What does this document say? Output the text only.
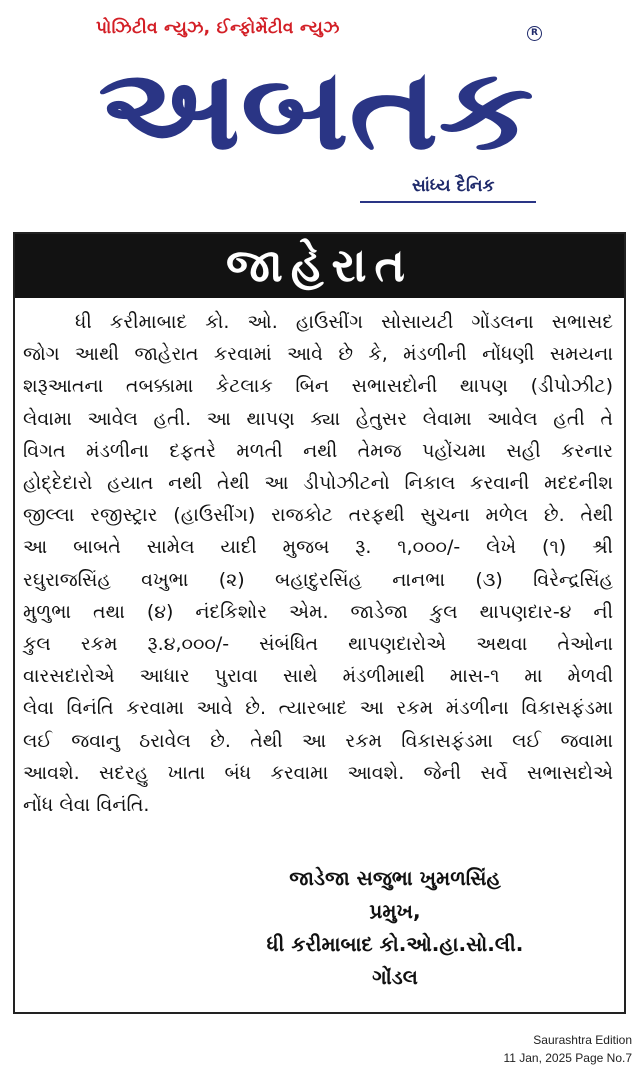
પોઝિટીવ ન્યુઝ, ઈન્ફોર્મેટીવ ન્યુઝ	R
અબતક
સાંધ્ય દૈનિક
જાહેરાત
ધી કરીમાબાદ કો. ઓ. હાઉસીંગ સોસાયટી ગોંડલના સભાસદ
જોગ આથી જાહેરાત કરવામાં આવે છે કે, મંડળીની નોંધણી સમયના
શરૂઆતના તબક્કામા કેટલાક બિન સભાસદોની થાપણ (ડીપોઝીટ)
લેવામા આવેલ હતી. આ થાપણ ક્યા હેતુસર લેવામા આવેલ હતી તે
વિગત મંડળીના દફતરે મળતી નથી તેમજ પહોંચમા સહી કરનાર
હોદ્દેદારો હયાત નથી તેથી આ ડીપોઝીટનો નિકાલ કરવાની મદદનીશ
જીલ્લા રજીસ્ટ્રાર (હાઉસીંગ) રાજકોટ તરફથી સુચના મળેલ છે. તેથી
આ બાબતે સામેલ યાદી મુજબ રૂ. ૧,૦૦૦/- લેખે (૧) શ્રી
રઘુરાજસિંહ વખુભા (૨) બહાદુરસિંહ નાનભા (૩) વિરેન્દ્રસિંહ
મુળુભા તથા (૪) નંદકિશોર એમ. જાડેજા કુલ થાપણદાર-૪ ની
કુલ રકમ રૂ.૪,૦૦૦/- સંબંધિત થાપણદારોએ અથવા તેઓના
વારસદારોએ આધાર પુરાવા સાથે મંડળીમાથી માસ-૧ મા મેળવી
લેવા વિનંતિ કરવામા આવે છે. ત્યારબાદ આ રકમ મંડળીના વિકાસફંડમા
લઈ જવાનુ ઠરાવેલ છે. તેથી આ રકમ વિકાસફંડમા લઈ જવામા
આવશે. સદરહુ ખાતા બંધ કરવામા આવશે. જેની સર્વે સભાસદોએ
નોંધ લેવા વિનંતિ.
જાડેજા સજુભા ખુમળસિંહ
પ્રમુખ,
ધી કરીમાબાદ કો.ઓ.હા.સો.લી.
ગોંડલ
Saurashtra Edition
11 Jan, 2025 Page No.7
